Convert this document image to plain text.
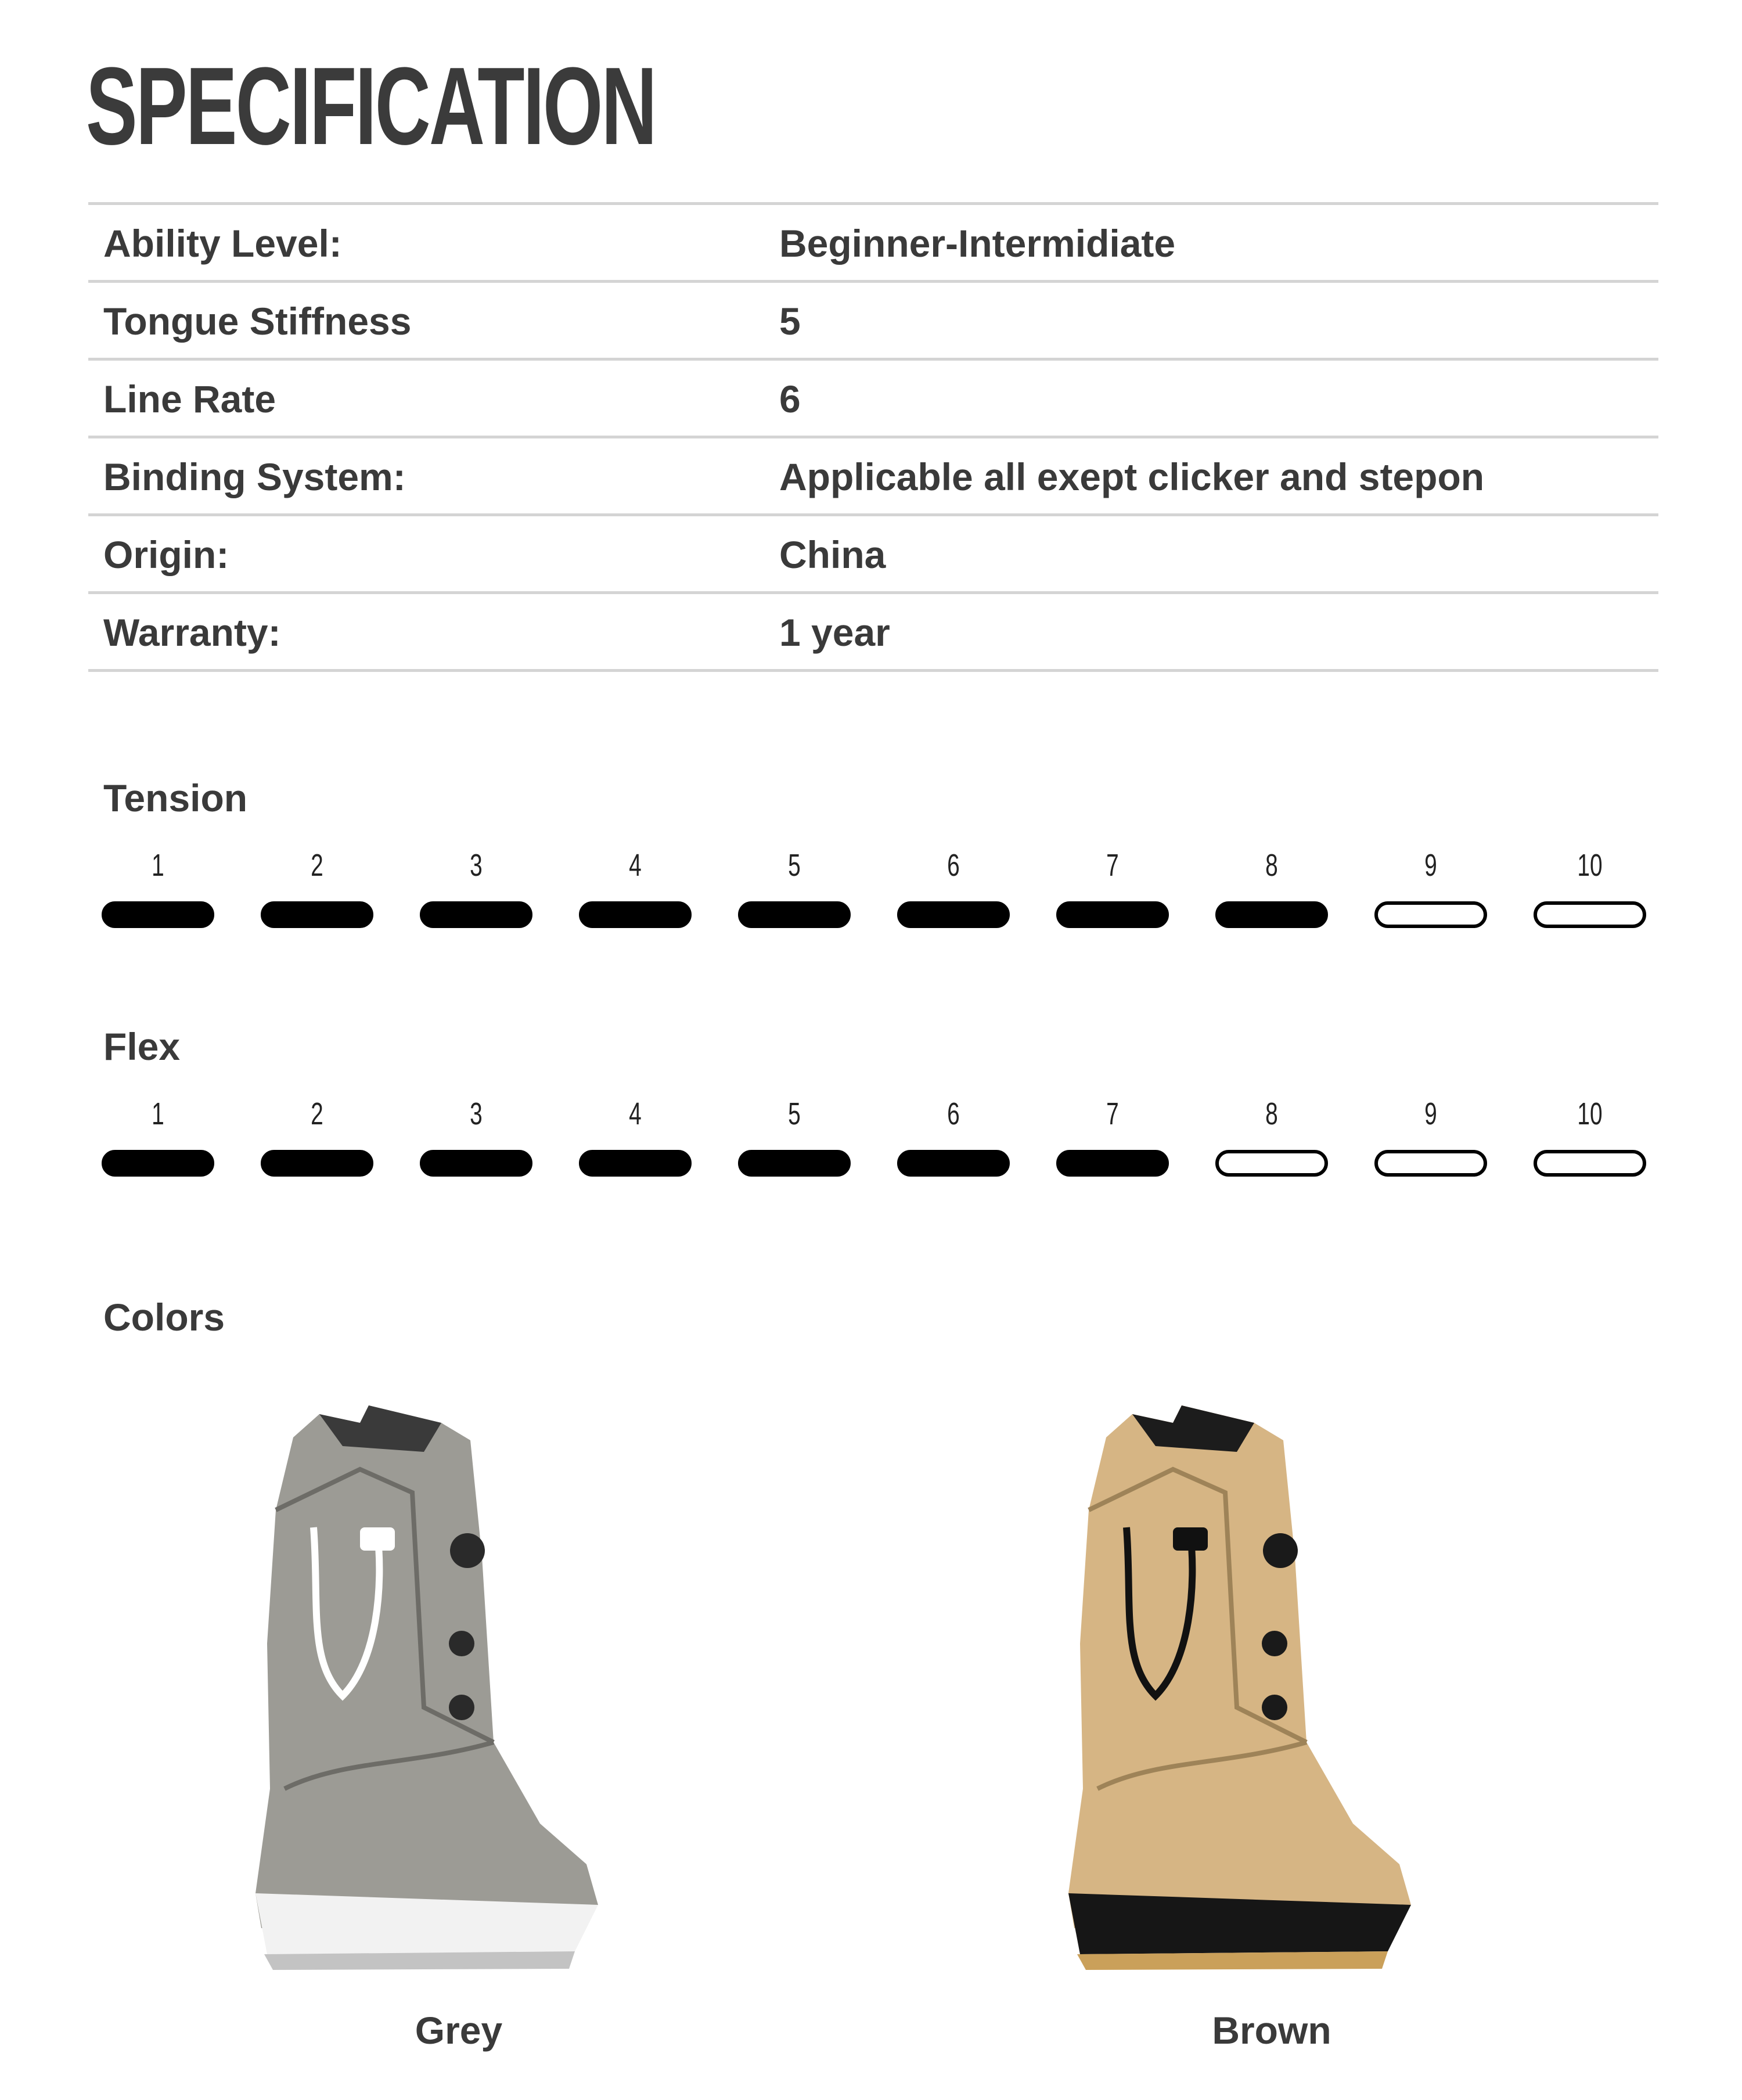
SPECIFICATION
Ability Level:	Beginner-Intermidiate
Tongue Stiffness	5
Line Rate	6
Binding System:	Applicable all exept clicker and stepon
Origin:	China
Warranty:	1 year
Tension
1	2	3	4	5	6	7	8	9	10
Flex
1	2	3	4	5	6	7	8	9	10
Colors
Grey	Brown
